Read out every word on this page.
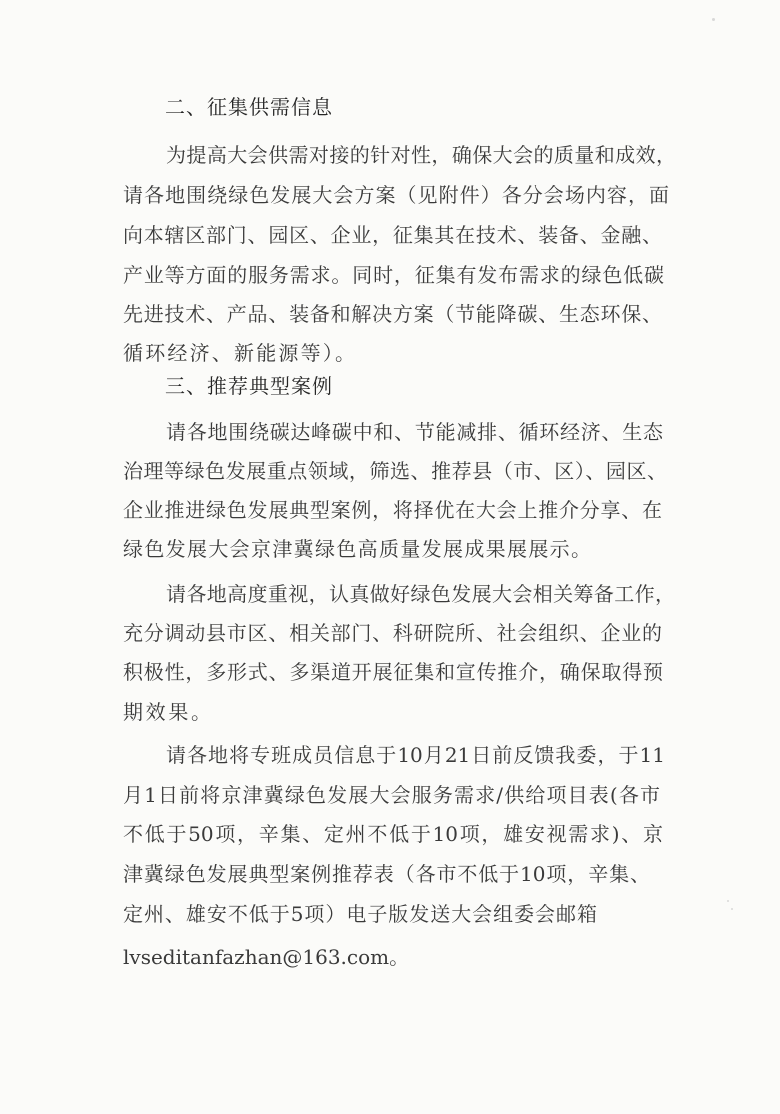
二、征集供需信息
为提高大会供需对接的针对性，确保大会的质量和成效，
请各地围绕绿色发展大会方案（见附件）各分会场内容，面
向本辖区部门、园区、企业，征集其在技术、装备、金融、
产业等方面的服务需求。同时，征集有发布需求的绿色低碳
先进技术、产品、装备和解决方案（节能降碳、生态环保、
循环经济、新能源等）。
三、推荐典型案例
请各地围绕碳达峰碳中和、节能减排、循环经济、生态
治理等绿色发展重点领域，筛选、推荐县（市、区）、园区、
企业推进绿色发展典型案例，将择优在大会上推介分享、在
绿色发展大会京津冀绿色高质量发展成果展展示。
请各地高度重视，认真做好绿色发展大会相关筹备工作，
充分调动县市区、相关部门、科研院所、社会组织、企业的
积极性，多形式、多渠道开展征集和宣传推介，确保取得预
期效果。
请各地将专班成员信息于10月21日前反馈我委，于11
月1日前将京津冀绿色发展大会服务需求/供给项目表(各市
不低于50项，辛集、定州不低于10项，雄安视需求)、京
津冀绿色发展典型案例推荐表（各市不低于10项，辛集、
定州、雄安不低于5项）电子版发送大会组委会邮箱
lvseditanfazhan@163.com。
